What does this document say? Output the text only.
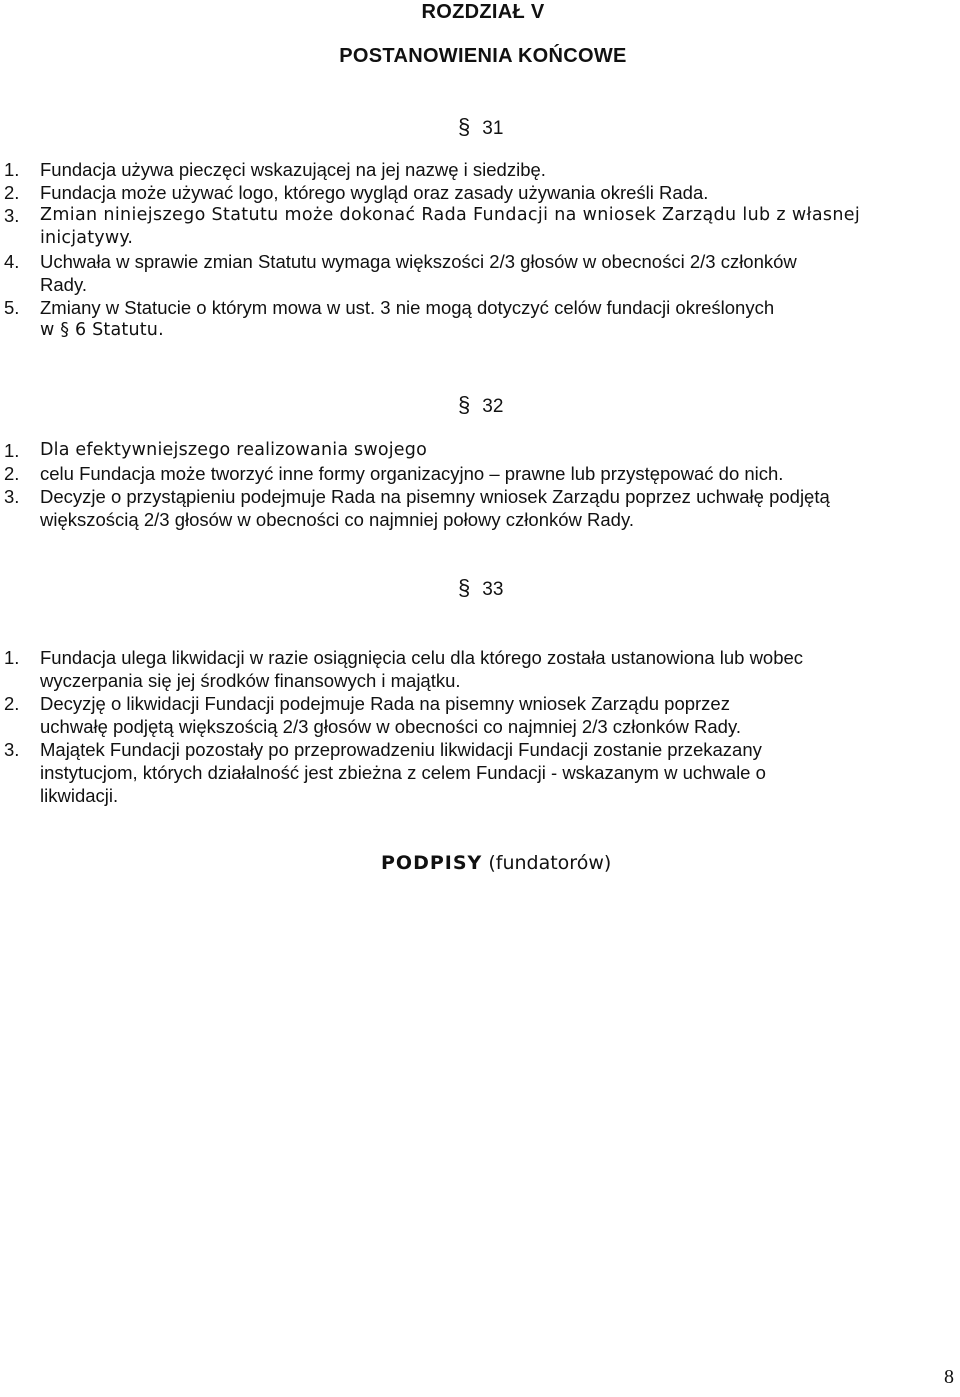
ROZDZIAŁ V
POSTANOWIENIA KOŃCOWE
§ 31
1. Fundacja używa pieczęci wskazującej na jej nazwę i siedzibę.
2. Fundacja może używać logo, którego wygląd oraz zasady używania określi Rada.
3. Zmian niniejszego Statutu może dokonać Rada Fundacji na wniosek Zarządu lub z własnej
inicjatywy.
4. Uchwała w sprawie zmian Statutu wymaga większości 2/3 głosów w obecności 2/3 członków
Rady.
5. Zmiany w Statucie o którym mowa w ust. 3 nie mogą dotyczyć celów fundacji określonych
w § 6 Statutu.
§ 32
1. Dla efektywniejszego realizowania swojego
2. celu Fundacja może tworzyć inne formy organizacyjno – prawne lub przystępować do nich.
3. Decyzje o przystąpieniu podejmuje Rada na pisemny wniosek Zarządu poprzez uchwałę podjętą
większością 2/3 głosów w obecności co najmniej połowy członków Rady.
§ 33
1. Fundacja ulega likwidacji w razie osiągnięcia celu dla którego została ustanowiona lub wobec
wyczerpania się jej środków finansowych i majątku.
2. Decyzję o likwidacji Fundacji podejmuje Rada na pisemny wniosek Zarządu poprzez
uchwałę podjętą większością 2/3 głosów w obecności co najmniej 2/3 członków Rady.
3. Majątek Fundacji pozostały po przeprowadzeniu likwidacji Fundacji zostanie przekazany
instytucjom, których działalność jest zbieżna z celem Fundacji - wskazanym w uchwale o
likwidacji.
PODPISY (fundatorów)
8
